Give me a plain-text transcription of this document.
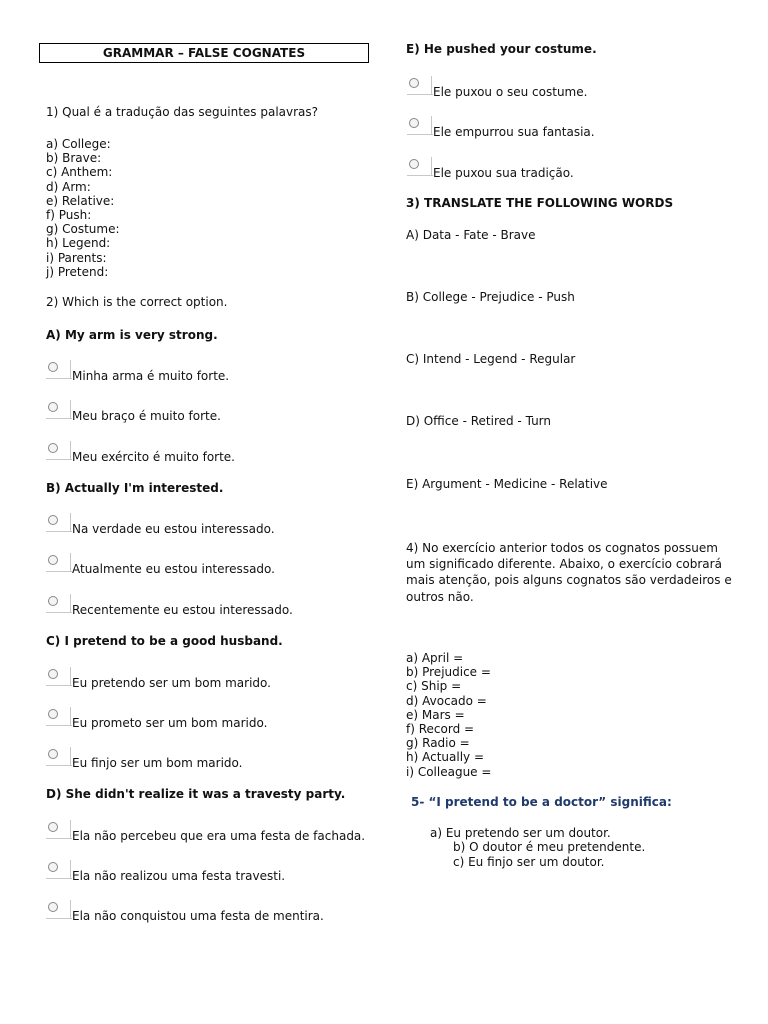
GRAMMAR – FALSE COGNATES
1) Qual é a tradução das seguintes palavras?
a) College:
b) Brave:
c) Anthem:
d) Arm:
e) Relative:
f) Push:
g) Costume:
h) Legend:
i) Parents:
j) Pretend:
2) Which is the correct option.
A) My arm is very strong.
Minha arma é muito forte.
Meu braço é muito forte.
Meu exército é muito forte.
B) Actually I'm interested.
Na verdade eu estou interessado.
Atualmente eu estou interessado.
Recentemente eu estou interessado.
C) I pretend to be a good husband.
Eu pretendo ser um bom marido.
Eu prometo ser um bom marido.
Eu finjo ser um bom marido.
D) She didn't realize it was a travesty party.
Ela não percebeu que era uma festa de fachada.
Ela não realizou uma festa travesti.
Ela não conquistou uma festa de mentira.
E) He pushed your costume.
Ele puxou o seu costume.
Ele empurrou sua fantasia.
Ele puxou sua tradição.
3) TRANSLATE THE FOLLOWING WORDS
A) Data - Fate - Brave
B) College - Prejudice - Push
C) Intend - Legend - Regular
D) Office - Retired - Turn
E) Argument - Medicine - Relative
4) No exercício anterior todos os cognatos possuem um significado diferente. Abaixo, o exercício cobrará mais atenção, pois alguns cognatos são verdadeiros e outros não.
a) April =
b) Prejudice =
c) Ship =
d) Avocado =
e) Mars =
f) Record =
g) Radio =
h) Actually =
i) Colleague =
5- “I pretend to be a doctor” significa:
a) Eu pretendo ser um doutor.
b) O doutor é meu pretendente.
c) Eu finjo ser um doutor.
